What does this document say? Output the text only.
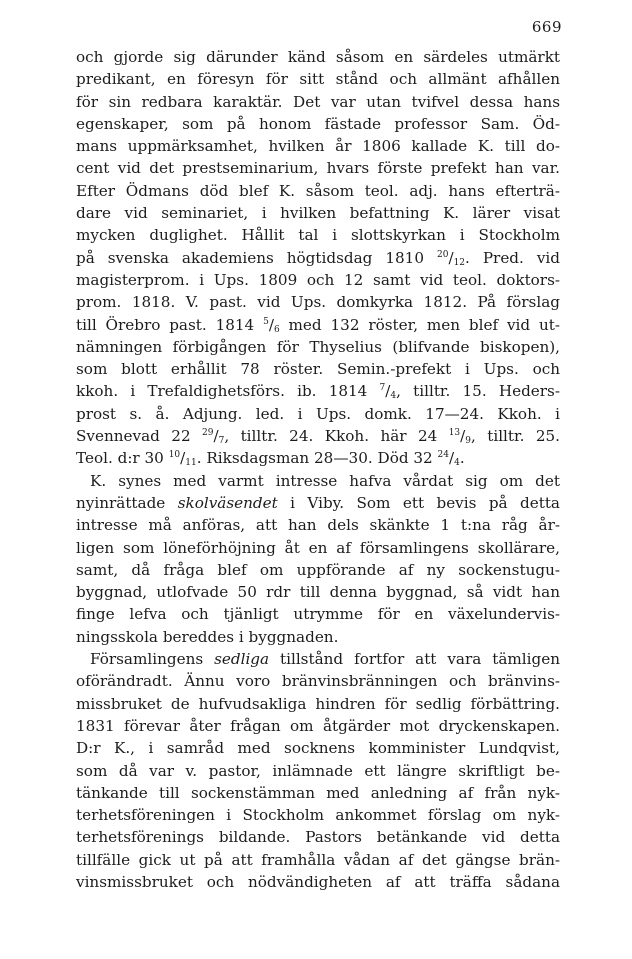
669
och gjorde sig därunder känd såsom en särdeles utmärkt
predikant, en föresyn för sitt stånd och allmänt afhållen
för sin redbara karaktär. Det var utan tvifvel dessa hans
egenskaper, som på honom fästade professor Sam. Öd-
mans uppmärksamhet, hvilken år 1806 kallade K. till do-
cent vid det prestseminarium, hvars förste prefekt han var.
Efter Ödmans död blef K. såsom teol. adj. hans efterträ-
dare vid seminariet, i hvilken befattning K. lärer visat
mycken duglighet. Hållit tal i slottskyrkan i Stockholm
på svenska akademiens högtidsdag 1810 $^{20}/_{12}$. Pred. vid
magisterprom. i Ups. 1809 och 12 samt vid teol. doktors-
prom. 1818. V. past. vid Ups. domkyrka 1812. På förslag
till Örebro past. 1814 $^5/_6$ med 132 röster, men blef vid ut-
nämningen förbigången för Thyselius (blifvande biskopen),
som blott erhållit 78 röster. Semin.-prefekt i Ups. och
kkoh. i Trefaldighetsförs. ib. 1814 $^7/_4$, tilltr. 15. Heders-
prost s. å. Adjung. led. i Ups. domk. 17—24. Kkoh. i
Svennevad 22 $^{29}/_7$, tilltr. 24. Kkoh. här 24 $^{13}/_9$, tilltr. 25.
Teol. d:r 30 $^{10}/_{11}$. Riksdagsman 28—30. Död 32 $^{24}/_4$.
K. synes med varmt intresse hafva vårdat sig om det
nyinrättade skolväsendet i Viby. Som ett bevis på detta
intresse må anföras, att han dels skänkte 1 t:na råg år-
ligen som löneförhöjning åt en af församlingens skollärare,
samt, då fråga blef om uppförande af ny sockenstugu-
byggnad, utlofvade 50 rdr till denna byggnad, så vidt han
finge lefva och tjänligt utrymme för en växelundervis-
ningsskola bereddes i byggnaden.
Församlingens sedliga tillstånd fortfor att vara tämligen
oförändradt. Ännu voro bränvinsbränningen och bränvins-
missbruket de hufvudsakliga hindren för sedlig förbättring.
1831 förevar åter frågan om åtgärder mot dryckenskapen.
D:r K., i samråd med socknens komminister Lundqvist,
som då var v. pastor, inlämnade ett längre skriftligt be-
tänkande till sockenstämman med anledning af från nyk-
terhetsföreningen i Stockholm ankommet förslag om nyk-
terhetsförenings bildande. Pastors betänkande vid detta
tillfälle gick ut på att framhålla vådan af det gängse brän-
vinsmissbruket och nödvändigheten af att träffa sådana
